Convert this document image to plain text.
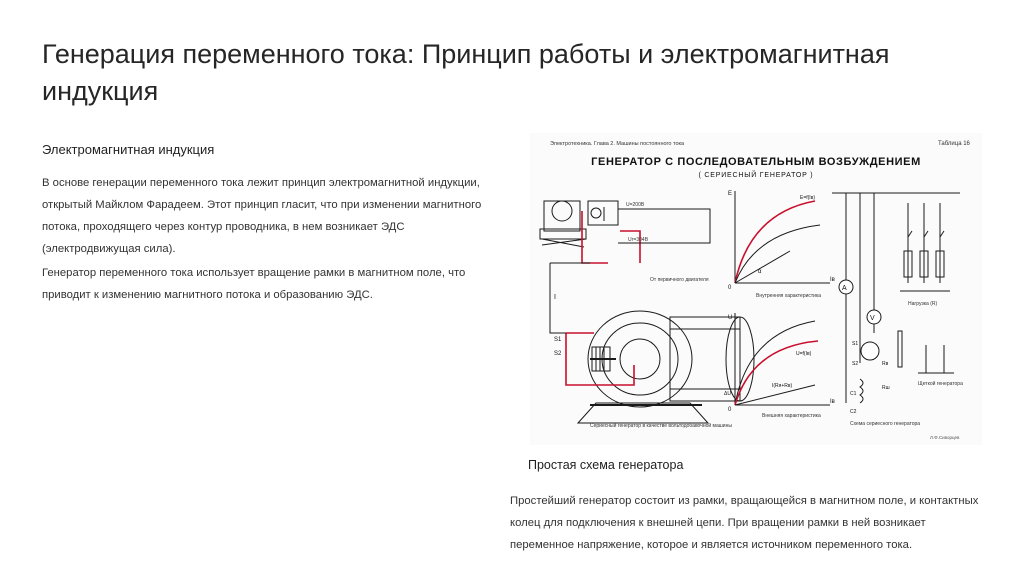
Генерация переменного тока: Принцип работы и электромагнитная индукция
Электромагнитная индукция

В основе генерации переменного тока лежит принцип электромагнитной индукции, открытый Майклом Фарадеем. Этот принцип гласит, что при изменении магнитного потока, проходящего через контур проводника, в нем возникает ЭДС (электродвижущая сила).

Генератор переменного тока использует вращение рамки в магнитном поле, что приводит к изменению магнитного потока и образованию ЭДС.

Электротехника. Глава 2. Машины постоянного тока	Таблица 16
ГЕНЕРАТОР С ПОСЛЕДОВАТЕЛЬНЫМ ВОЗБУЖДЕНИЕМ
( СЕРИЕСНЫЙ ГЕНЕРАТОР )
U=200В
Uг=304В
I
S1
S2
От первичного двигателя
Сериесный генератор в качестве вольтодобавочной машины
E
Iв
E=f(Iв)
α
0
Внутренняя характеристика
U
Iв
U=f(Iв)
I(Rя+Rв)
ΔU
0
Внешняя характеристика
A
V
S1
S2	Rв
Rш
C1
C2
Нагрузка (R)
Щеткой генератора
Схема сериесного генератора
Л.Ф.Сиворцев
Простая схема генератора

Простейший генератор состоит из рамки, вращающейся в магнитном поле, и контактных колец для подключения к внешней цепи. При вращении рамки в ней возникает переменное напряжение, которое и является источником переменного тока.
